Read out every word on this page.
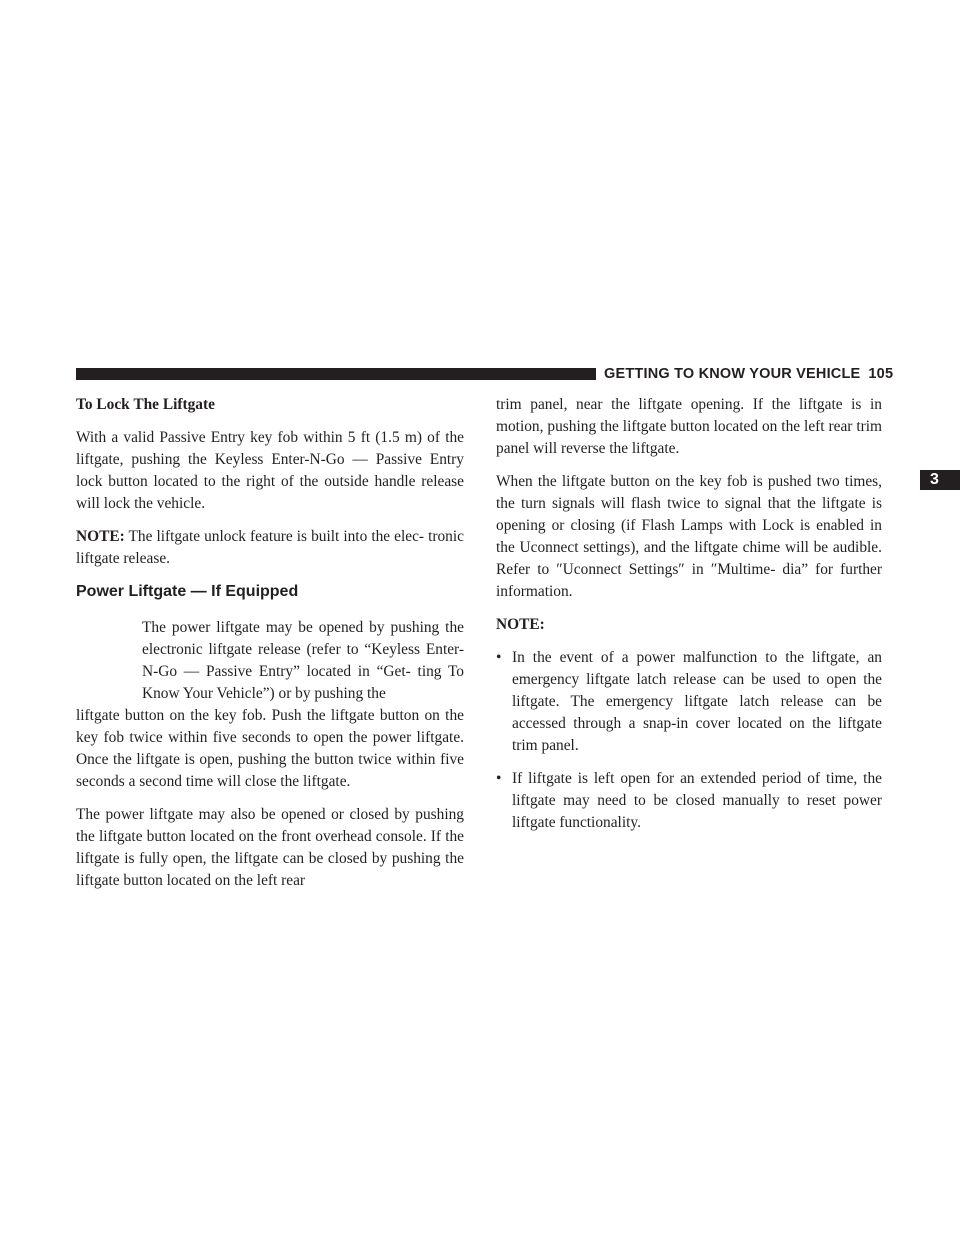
GETTING TO KNOW YOUR VEHICLE 105
3

To Lock The Liftgate

With a valid Passive Entry key fob within 5 ft (1.5 m) of the liftgate, pushing the Keyless Enter-N-Go — Passive Entry lock button located to the right of the outside handle release will lock the vehicle.

NOTE: The liftgate unlock feature is built into the elec- tronic liftgate release.

Power Liftgate — If Equipped

The power liftgate may be opened by pushing the electronic liftgate release (refer to “Keyless Enter-N-Go — Passive Entry” located in “Get- ting To Know Your Vehicle”) or by pushing the

liftgate button on the key fob. Push the liftgate button on the key fob twice within five seconds to open the power liftgate. Once the liftgate is open, pushing the button twice within five seconds a second time will close the liftgate.

The power liftgate may also be opened or closed by pushing the liftgate button located on the front overhead console. If the liftgate is fully open, the liftgate can be closed by pushing the liftgate button located on the left rear

trim panel, near the liftgate opening. If the liftgate is in motion, pushing the liftgate button located on the left rear trim panel will reverse the liftgate.

When the liftgate button on the key fob is pushed two times, the turn signals will flash twice to signal that the liftgate is opening or closing (if Flash Lamps with Lock is enabled in the Uconnect settings), and the liftgate chime will be audible. Refer to ″Uconnect Settings″ in ″Multime- dia” for further information.

NOTE:

• In the event of a power malfunction to the liftgate, an emergency liftgate latch release can be used to open the liftgate. The emergency liftgate latch release can be accessed through a snap-in cover located on the liftgate trim panel.
• If liftgate is left open for an extended period of time, the liftgate may need to be closed manually to reset power liftgate functionality.
